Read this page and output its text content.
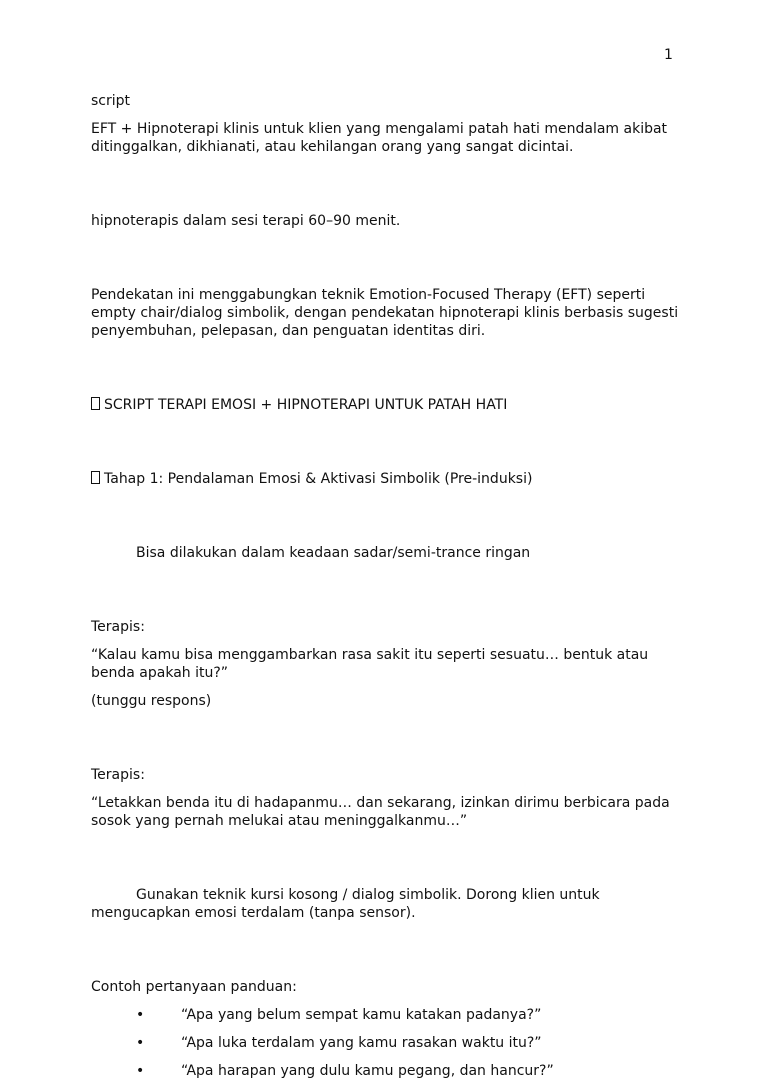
1

script

EFT + Hipnoterapi klinis untuk klien yang mengalami patah hati mendalam akibat ditinggalkan, dikhianati, atau kehilangan orang yang sangat dicintai.

hipnoterapis dalam sesi terapi 60–90 menit.

Pendekatan ini menggabungkan teknik Emotion-Focused Therapy (EFT) seperti empty chair/dialog simbolik, dengan pendekatan hipnoterapi klinis berbasis sugesti penyembuhan, pelepasan, dan penguatan identitas diri.

SCRIPT TERAPI EMOSI + HIPNOTERAPI UNTUK PATAH HATI

Tahap 1: Pendalaman Emosi & Aktivasi Simbolik (Pre-induksi)

Bisa dilakukan dalam keadaan sadar/semi-trance ringan

Terapis:

“Kalau kamu bisa menggambarkan rasa sakit itu seperti sesuatu… bentuk atau benda apakah itu?”

(tunggu respons)

Terapis:

“Letakkan benda itu di hadapanmu… dan sekarang, izinkan dirimu berbicara pada sosok yang pernah melukai atau meninggalkanmu…”

Gunakan teknik kursi kosong / dialog simbolik. Dorong klien untuk mengucapkan emosi terdalam (tanpa sensor).

Contoh pertanyaan panduan:

•	“Apa yang belum sempat kamu katakan padanya?”
•	“Apa luka terdalam yang kamu rasakan waktu itu?”
•	“Apa harapan yang dulu kamu pegang, dan hancur?”
